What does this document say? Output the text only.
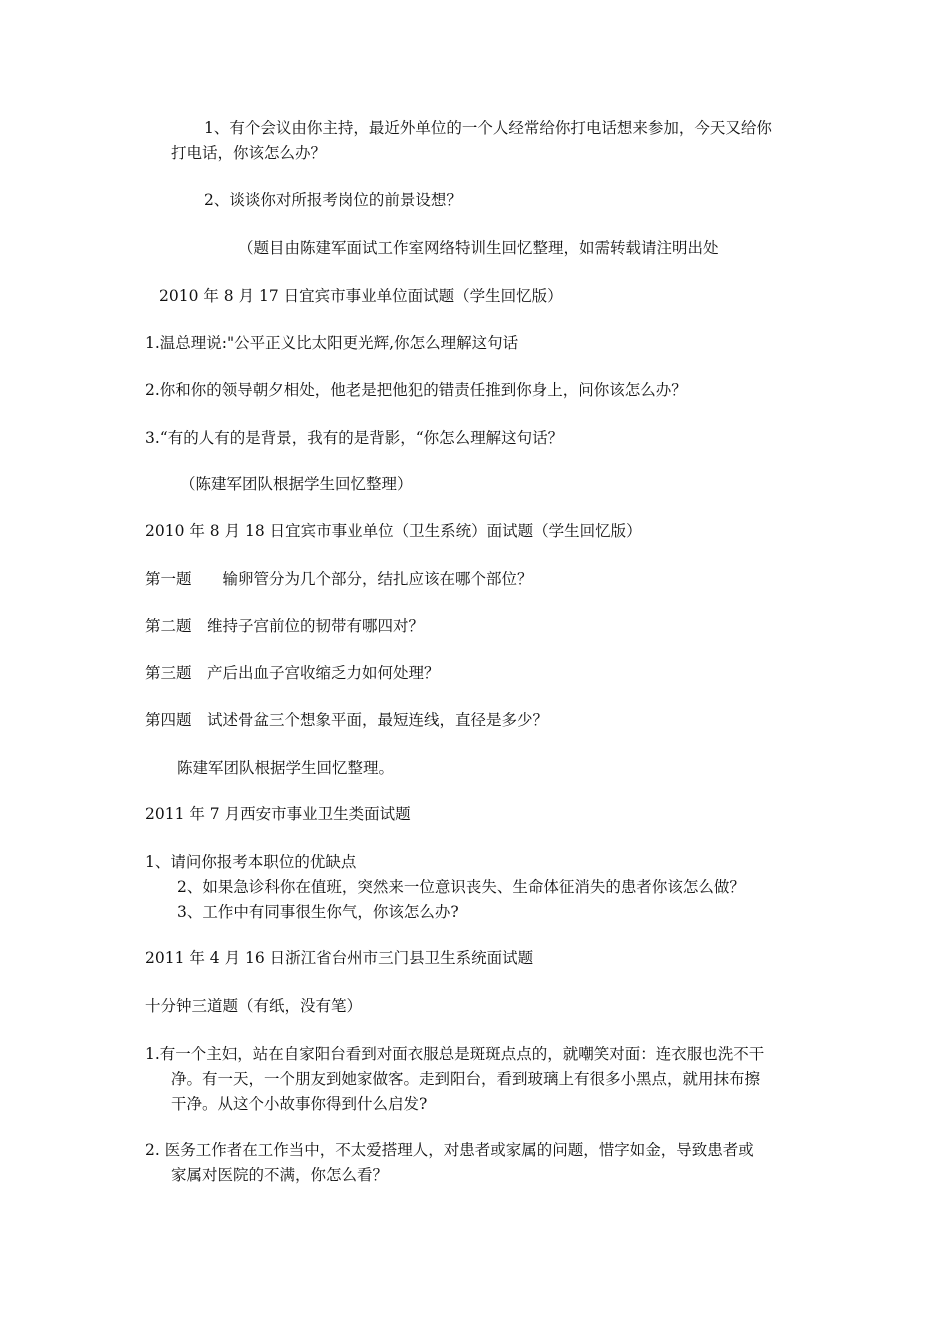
1、有个会议由你主持，最近外单位的一个人经常给你打电话想来参加，今天又给你
打电话，你该怎么办？
2、谈谈你对所报考岗位的前景设想？
（题目由陈建军面试工作室网络特训生回忆整理，如需转载请注明出处
2010 年 8 月 17 日宜宾市事业单位面试题（学生回忆版）
1.温总理说:"公平正义比太阳更光辉,你怎么理解这句话
2.你和你的领导朝夕相处，他老是把他犯的错责任推到你身上，问你该怎么办？
3.“有的人有的是背景，我有的是背影，“你怎么理解这句话？
（陈建军团队根据学生回忆整理）
2010 年 8 月 18 日宜宾市事业单位（卫生系统）面试题（学生回忆版）
第一题　　输卵管分为几个部分，结扎应该在哪个部位？
第二题　维持子宫前位的韧带有哪四对？
第三题　产后出血子宫收缩乏力如何处理？
第四题　试述骨盆三个想象平面，最短连线，直径是多少？
陈建军团队根据学生回忆整理。
2011 年 7 月西安市事业卫生类面试题
1、请问你报考本职位的优缺点
2、如果急诊科你在值班，突然来一位意识丧失、生命体征消失的患者你该怎么做？
3、工作中有同事很生你气，你该怎么办?
2011 年 4 月 16 日浙江省台州市三门县卫生系统面试题
十分钟三道题（有纸，没有笔）
1.有一个主妇，站在自家阳台看到对面衣服总是斑斑点点的，就嘲笑对面：连衣服也洗不干
净。有一天，一个朋友到她家做客。走到阳台，看到玻璃上有很多小黑点，就用抹布擦
干净。从这个小故事你得到什么启发?
2. 医务工作者在工作当中，不太爱搭理人，对患者或家属的问题，惜字如金，导致患者或
家属对医院的不满，你怎么看？
